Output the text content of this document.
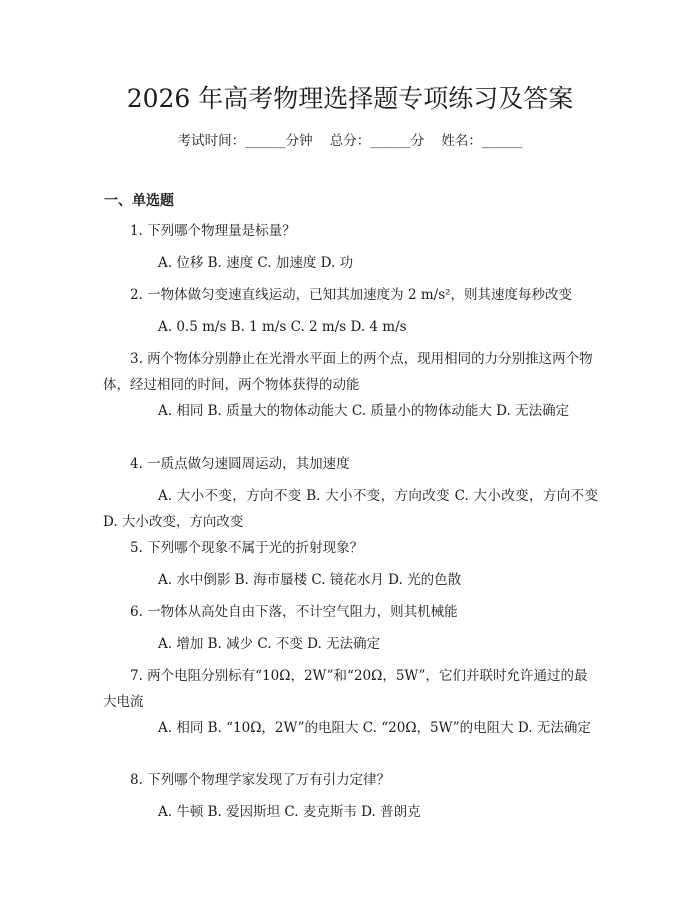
2026 年高考物理选择题专项练习及答案
考试时间：______分钟    总分：______分    姓名：______
一、单选题
1. 下列哪个物理量是标量？
A. 位移 B. 速度 C. 加速度 D. 功
2. 一物体做匀变速直线运动，已知其加速度为 2 m/s²，则其速度每秒改变
A. 0.5 m/s B. 1 m/s C. 2 m/s D. 4 m/s
3. 两个物体分别静止在光滑水平面上的两个点，现用相同的力分别推这两个物体，经过相同的时间，两个物体获得的动能
A. 相同 B. 质量大的物体动能大 C. 质量小的物体动能大 D. 无法确定
4. 一质点做匀速圆周运动，其加速度
A. 大小不变，方向不变 B. 大小不变，方向改变 C. 大小改变，方向不变 D. 大小改变，方向改变
5. 下列哪个现象不属于光的折射现象？
A. 水中倒影 B. 海市蜃楼 C. 镜花水月 D. 光的色散
6. 一物体从高处自由下落，不计空气阻力，则其机械能
A. 增加 B. 减少 C. 不变 D. 无法确定
7. 两个电阻分别标有“10Ω，2W”和“20Ω，5W”，它们并联时允许通过的最大电流
A. 相同 B. “10Ω，2W”的电阻大 C. “20Ω，5W”的电阻大 D. 无法确定
8. 下列哪个物理学家发现了万有引力定律？
A. 牛顿 B. 爱因斯坦 C. 麦克斯韦 D. 普朗克
